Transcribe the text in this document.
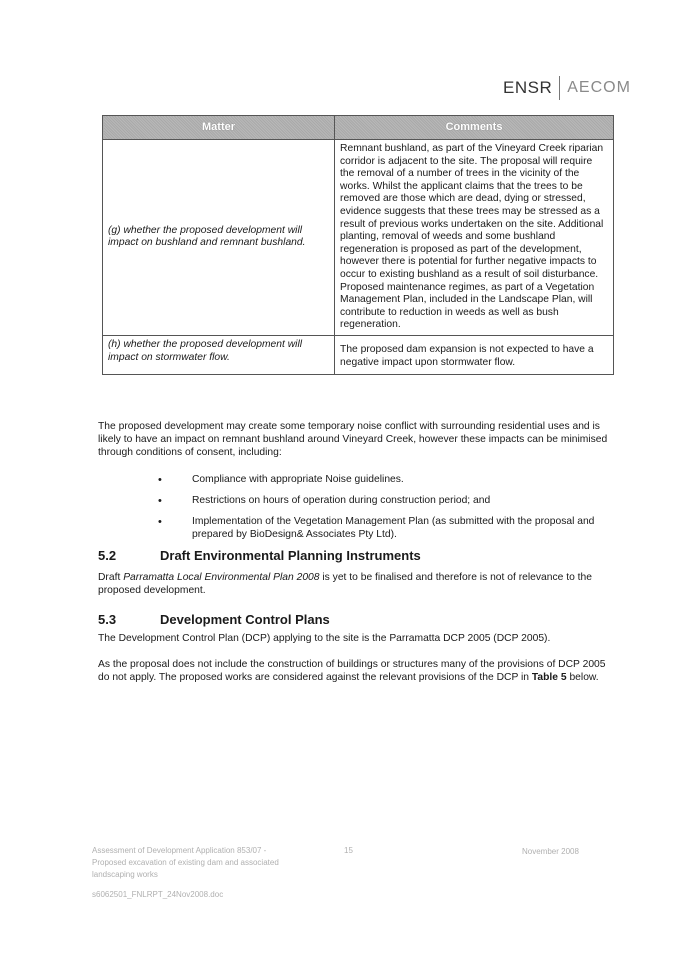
ENSR AECOM
Matter	Comments
(g) whether the proposed development will impact on bushland and remnant bushland.	Remnant bushland, as part of the Vineyard Creek riparian corridor is adjacent to the site. The proposal will require the removal of a number of trees in the vicinity of the works. Whilst the applicant claims that the trees to be removed are those which are dead, dying or stressed, evidence suggests that these trees may be stressed as a result of previous works undertaken on the site. Additional planting, removal of weeds and some bushland regeneration is proposed as part of the development, however there is potential for further negative impacts to occur to existing bushland as a result of soil disturbance. Proposed maintenance regimes, as part of a Vegetation Management Plan, included in the Landscape Plan, will contribute to reduction in weeds as well as bush regeneration.
(h) whether the proposed development will impact on stormwater flow.	The proposed dam expansion is not expected to have a negative impact upon stormwater flow.
The proposed development may create some temporary noise conflict with surrounding residential uses and is likely to have an impact on remnant bushland around Vineyard Creek, however these impacts can be minimised through conditions of consent, including:
•	Compliance with appropriate Noise guidelines.
•	Restrictions on hours of operation during construction period; and
•	Implementation of the Vegetation Management Plan (as submitted with the proposal and prepared by BioDesign& Associates Pty Ltd).
5.2	Draft Environmental Planning Instruments
Draft Parramatta Local Environmental Plan 2008 is yet to be finalised and therefore is not of relevance to the proposed development.
5.3	Development Control Plans
The Development Control Plan (DCP) applying to the site is the Parramatta DCP 2005 (DCP 2005).
As the proposal does not include the construction of buildings or structures many of the provisions of DCP 2005 do not apply. The proposed works are considered against the relevant provisions of the DCP in Table 5 below.
Assessment of Development Application 853/07 -
Proposed excavation of existing dam and associated
landscaping works
s6062501_FNLRPT_24Nov2008.doc
15	November 2008
